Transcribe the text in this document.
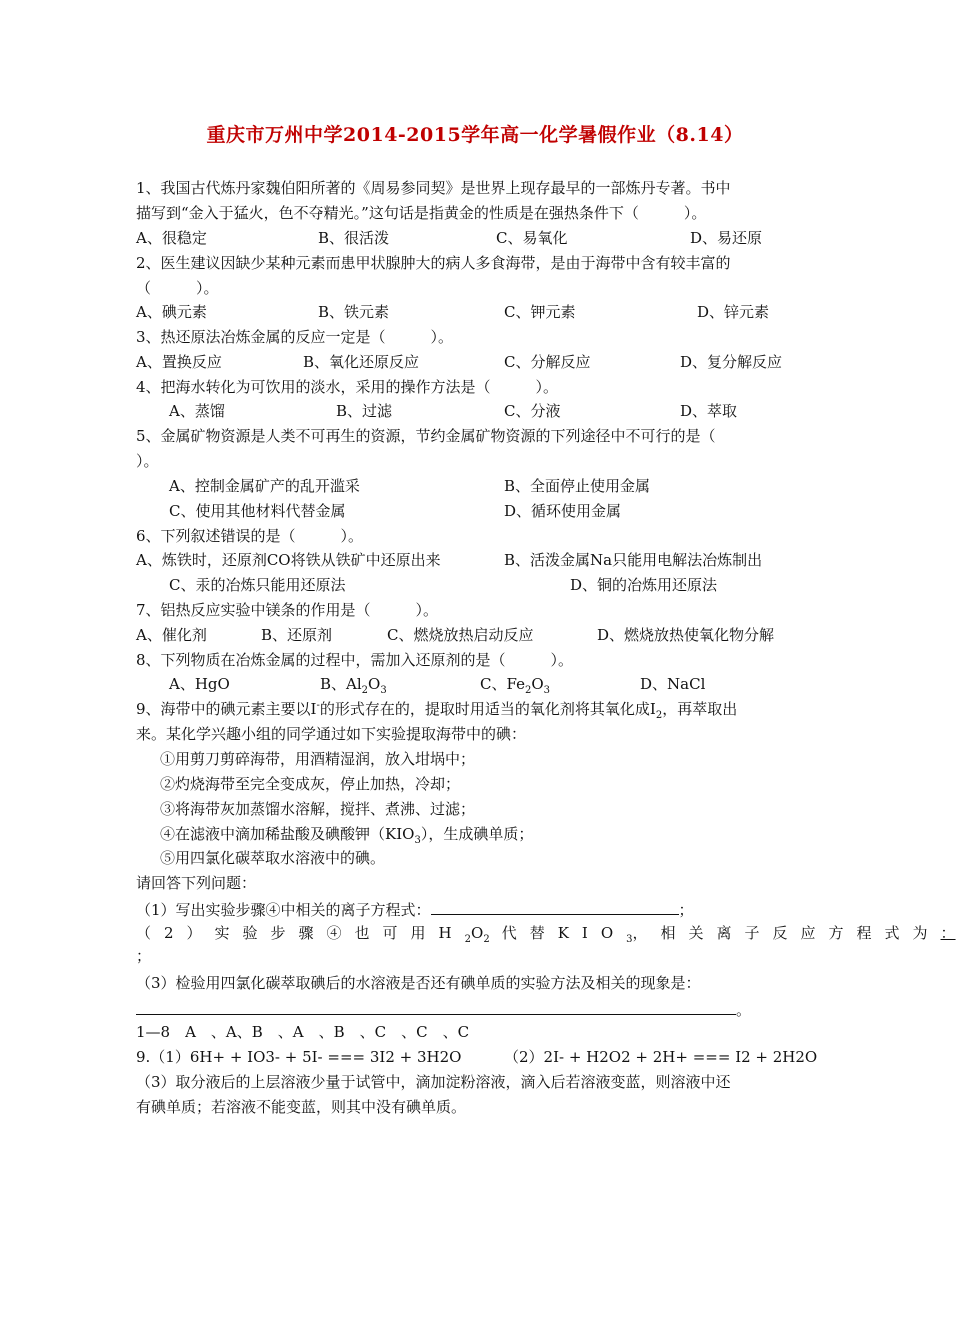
重庆市万州中学2014-2015学年高一化学暑假作业（8.14）
1、我国古代炼丹家魏伯阳所著的《周易参同契》是世界上现存最早的一部炼丹专著。书中
描写到“金入于猛火，色不夺精光。”这句话是指黄金的性质是在强热条件下（　　　）。
A、很稳定	B、很活泼	C、易氧化	D、易还原
2、医生建议因缺少某种元素而患甲状腺肿大的病人多食海带，是由于海带中含有较丰富的
（　　　）。
A、碘元素	B、铁元素	C、钾元素	D、锌元素
3、热还原法冶炼金属的反应一定是（　　　）。
A、置换反应	B、氧化还原反应	C、分解反应	D、复分解反应
4、把海水转化为可饮用的淡水，采用的操作方法是（　　　）。
A、蒸馏	B、过滤	C、分液	D、萃取
5、金属矿物资源是人类不可再生的资源，节约金属矿物资源的下列途径中不可行的是（
）。
A、控制金属矿产的乱开滥采	B、全面停止使用金属
C、使用其他材料代替金属	D、循环使用金属
6、下列叙述错误的是（　　　）。
A、炼铁时，还原剂CO将铁从铁矿中还原出来	B、活泼金属Na只能用电解法冶炼制出
C、汞的冶炼只能用还原法	D、铜的冶炼用还原法
7、铝热反应实验中镁条的作用是（　　　）。
A、催化剂	B、还原剂	C、燃烧放热启动反应	D、燃烧放热使氧化物分解
8、下列物质在冶炼金属的过程中，需加入还原剂的是（　　　）。
A、HgO	B、$Al_2O_3$	C、$Fe_2O_3$	D、NaCl
9、海带中的碘元素主要以I-的形式存在的，提取时用适当的氧化剂将其氧化成$I_2$，再萃取出
来。某化学兴趣小组的同学通过如下实验提取海带中的碘：
①用剪刀剪碎海带，用酒精湿润，放入坩埚中；
②灼烧海带至完全变成灰，停止加热，冷却；
③将海带灰加蒸馏水溶解，搅拌、煮沸、过滤；
④在滤液中滴加稀盐酸及碘酸钾$(KIO_3)$，生成碘单质；
⑤用四氯化碳萃取水溶液中的碘。
请回答下列问题：
（1）写出实验步骤④中相关的离子方程式：	；
（2）实验步骤④也可用$H_2O_2$ 代替$KIO_3$，相关离子反应方程式为：
；
（3）检验用四氯化碳萃取碘后的水溶液是否还有碘单质的实验方法及相关的现象是：
。
1—8　A　、A、B　、A　、B　、C　、C　、C
9.（1）6H+ + IO3- + 5I- === 3I2 + 3H2O	（2）2I- + H2O2 + 2H+ === I2 + 2H2O
（3）取分液后的上层溶液少量于试管中，滴加淀粉溶液，滴入后若溶液变蓝，则溶液中还
有碘单质；若溶液不能变蓝，则其中没有碘单质。
